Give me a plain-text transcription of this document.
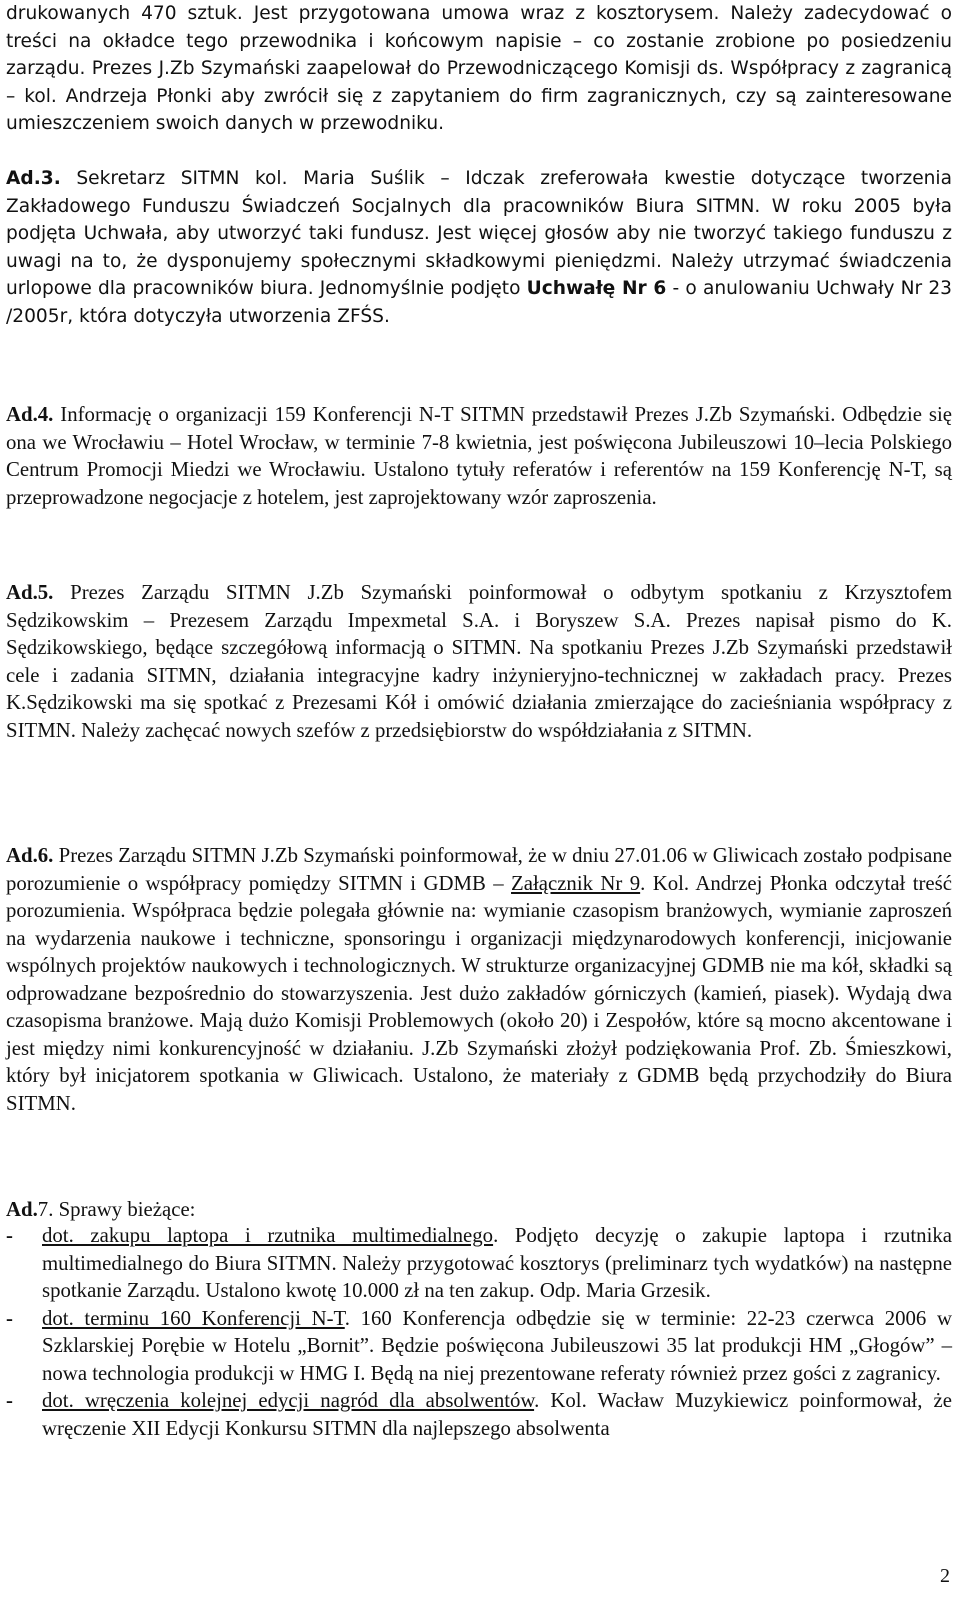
drukowanych 470 sztuk. Jest przygotowana umowa wraz z kosztorysem. Należy zadecydować o treści na okładce tego przewodnika i końcowym napisie – co zostanie zrobione po posiedzeniu zarządu. Prezes J.Zb Szymański zaapelował do Przewodniczącego Komisji ds. Współpracy z zagranicą – kol. Andrzeja Płonki aby zwrócił się z zapytaniem do firm zagranicznych, czy są zainteresowane umieszczeniem swoich danych w przewodniku.
Ad.3. Sekretarz SITMN kol. Maria Suślik – Idczak zreferowała kwestie dotyczące tworzenia Zakładowego Funduszu Świadczeń Socjalnych dla pracowników Biura SITMN. W roku 2005 była podjęta Uchwała, aby utworzyć taki fundusz. Jest więcej głosów aby nie tworzyć takiego funduszu z uwagi na to, że dysponujemy społecznymi składkowymi pieniędzmi. Należy utrzymać świadczenia urlopowe dla pracowników biura. Jednomyślnie podjęto Uchwałę Nr 6 - o anulowaniu Uchwały Nr 23 /2005r, która dotyczyła utworzenia ZFŚS.
Ad.4. Informację o organizacji 159 Konferencji N-T SITMN przedstawił Prezes J.Zb Szymański. Odbędzie się ona we Wrocławiu – Hotel Wrocław, w terminie 7-8 kwietnia, jest poświęcona Jubileuszowi 10–lecia Polskiego Centrum Promocji Miedzi we Wrocławiu. Ustalono tytuły referatów i referentów na 159 Konferencję N-T, są przeprowadzone negocjacje z hotelem, jest zaprojektowany wzór zaproszenia.
Ad.5. Prezes Zarządu SITMN J.Zb Szymański poinformował o odbytym spotkaniu z Krzysztofem Sędzikowskim – Prezesem Zarządu Impexmetal S.A. i Boryszew S.A. Prezes napisał pismo do K. Sędzikowskiego, będące szczegółową informacją o SITMN. Na spotkaniu Prezes J.Zb Szymański przedstawił cele i zadania SITMN, działania integracyjne kadry inżynieryjno-technicznej w zakładach pracy. Prezes K.Sędzikowski ma się spotkać z Prezesami Kół i omówić działania zmierzające do zacieśniania współpracy z SITMN. Należy zachęcać nowych szefów z przedsiębiorstw do współdziałania z SITMN.
Ad.6. Prezes Zarządu SITMN J.Zb Szymański poinformował, że w dniu 27.01.06 w Gliwicach zostało podpisane porozumienie o współpracy pomiędzy SITMN i GDMB – Załącznik Nr 9. Kol. Andrzej Płonka odczytał treść porozumienia. Współpraca będzie polegała głównie na: wymianie czasopism branżowych, wymianie zaproszeń na wydarzenia naukowe i techniczne, sponsoringu i organizacji międzynarodowych konferencji, inicjowanie wspólnych projektów naukowych i technologicznych. W strukturze organizacyjnej GDMB nie ma kół, składki są odprowadzane bezpośrednio do stowarzyszenia. Jest dużo zakładów górniczych (kamień, piasek). Wydają dwa czasopisma branżowe. Mają dużo Komisji Problemowych (około 20) i Zespołów, które są mocno akcentowane i jest między nimi konkurencyjność w działaniu. J.Zb Szymański złożył podziękowania Prof. Zb. Śmieszkowi, który był inicjatorem spotkania w Gliwicach. Ustalono, że materiały z GDMB będą przychodziły do Biura SITMN.
Ad.7. Sprawy bieżące:
- dot. zakupu laptopa i rzutnika multimedialnego. Podjęto decyzję o zakupie laptopa i rzutnika multimedialnego do Biura SITMN. Należy przygotować kosztorys (preliminarz tych wydatków) na następne spotkanie Zarządu. Ustalono kwotę 10.000 zł na ten zakup. Odp. Maria Grzesik.
- dot. terminu 160 Konferencji N-T. 160 Konferencja odbędzie się w terminie: 22-23 czerwca 2006 w Szklarskiej Porębie w Hotelu „Bornit”. Będzie poświęcona Jubileuszowi 35 lat produkcji HM „Głogów” – nowa technologia produkcji w HMG I. Będą na niej prezentowane referaty również przez gości z zagranicy.
- dot. wręczenia kolejnej edycji nagród dla absolwentów. Kol. Wacław Muzykiewicz poinformował, że wręczenie XII Edycji Konkursu SITMN dla najlepszego absolwenta
2
